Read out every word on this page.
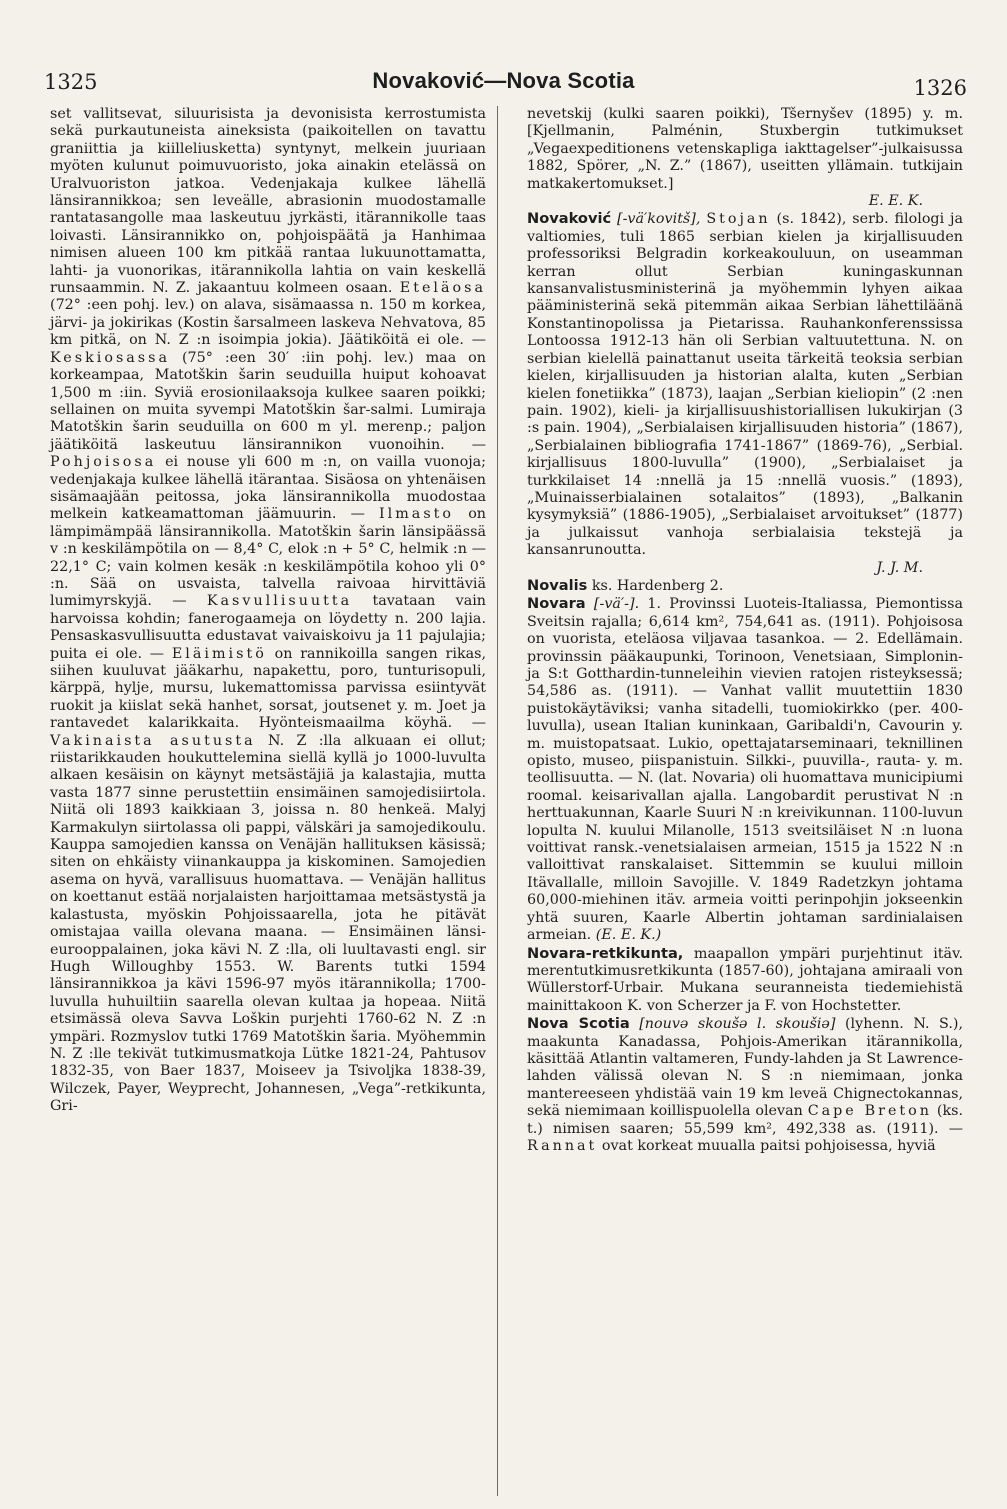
1325	Novaković—Nova Scotia	1326

set vallitsevat, siluurisista ja devonisista kerrostumista sekä purkautuneista aineksista (paikoitellen on tavattu graniittia ja kiilleliusketta) syntynyt, melkein juuriaan myöten kulunut poimuvuoristo, joka ainakin etelässä on Uralvuoriston jatkoa. Vedenjakaja kulkee lähellä länsirannikkoa; sen leveälle, abrasionin muodostamalle rantatasangolle maa laskeutuu jyrkästi, itärannikolle taas loivasti. Länsirannikko on, pohjoispäätä ja Hanhimaa nimisen alueen 100 km pitkää rantaa lukuunottamatta, lahti- ja vuonorikas, itärannikolla lahtia on vain keskellä runsaammin. N. Z. jakaantuu kolmeen osaan. Eteläosa (72° :een pohj. lev.) on alava, sisämaassa n. 150 m korkea, järvi- ja jokirikas (Kostin šarsalmeen laskeva Nehvatova, 85 km pitkä, on N. Z :n isoimpia jokia). Jäätiköitä ei ole. — Keskiosassa (75° :een 30′ :iin pohj. lev.) maa on korkeampaa, Matotškin šarin seuduilla huiput kohoavat 1,500 m :iin. Syviä erosionilaaksoja kulkee saaren poikki; sellainen on muita syvempi Matotškin šar-salmi. Lumiraja Matotškin šarin seuduilla on 600 m yl. merenp.; paljon jäätiköitä laskeutuu länsirannikon vuonoihin. — Pohjoisosa ei nouse yli 600 m :n, on vailla vuonoja; vedenjakaja kulkee lähellä itärantaa. Sisäosa on yhtenäisen sisämaajään peitossa, joka länsirannikolla muodostaa melkein katkeamattoman jäämuurin. — Ilmasto on lämpimämpää länsirannikolla. Matotškin šarin länsipäässä v :n keskilämpötila on — 8,4° C, elok :n + 5° C, helmik :n — 22,1° C; vain kolmen kesäk :n keskilämpötila kohoo yli 0° :n. Sää on usvaista, talvella raivoaa hirvittäviä lumimyrskyjä. — Kasvullisuutta tavataan vain harvoissa kohdin; fanerogaameja on löydetty n. 200 lajia. Pensaskasvullisuutta edustavat vaivaiskoivu ja 11 pajulajia; puita ei ole. — Eläimistö on rannikoilla sangen rikas, siihen kuuluvat jääkarhu, napakettu, poro, tunturisopuli, kärppä, hylje, mursu, lukemattomissa parvissa esiintyvät ruokit ja kiislat sekä hanhet, sorsat, joutsenet y. m. Joet ja rantavedet kalarikkaita. Hyönteismaailma köyhä. — Vakinaista asutusta N. Z :lla alkuaan ei ollut; riistarikkauden houkuttelemina siellä kyllä jo 1000-luvulta alkaen kesäisin on käynyt metsästäjiä ja kalastajia, mutta vasta 1877 sinne perustettiin ensimäinen samojedisiirtola. Niitä oli 1893 kaikkiaan 3, joissa n. 80 henkeä. Malyj Karmakulyn siirtolassa oli pappi, välskäri ja samojedikoulu. Kauppa samojedien kanssa on Venäjän hallituksen käsissä; siten on ehkäisty viinankauppa ja kiskominen. Samojedien asema on hyvä, varallisuus huomattava. — Venäjän hallitus on koettanut estää norjalaisten harjoittamaa metsästystä ja kalastusta, myöskin Pohjoissaarella, jota he pitävät omistajaa vailla olevana maana. — Ensimäinen länsi-eurooppalainen, joka kävi N. Z :lla, oli luultavasti engl. sir Hugh Willoughby 1553. W. Barents tutki 1594 länsirannikkoa ja kävi 1596-97 myös itärannikolla; 1700-luvulla huhuiltiin saarella olevan kultaa ja hopeaa. Niitä etsimässä oleva Savva Loškin purjehti 1760-62 N. Z :n ympäri. Rozmyslov tutki 1769 Matotškin šaria. Myöhemmin N. Z :lle tekivät tutkimusmatkoja Lütke 1821-24, Pahtusov 1832-35, von Baer 1837, Moiseev ja Tsivoljka 1838-39, Wilczek, Payer, Weyprecht, Johannesen, „Vega”-retkikunta, Gri-

nevetskij (kulki saaren poikki), Tšernyšev (1895) y. m. [Kjellmanin, Palménin, Stuxbergin tutkimukset „Vegaexpeditionens vetenskapliga iakttagelser”-julkaisussa 1882, Spörer, „N. Z.” (1867), useitten yllämain. tutkijain matkakertomukset.]

E. E. K.

Novaković [-vä′kovitš], Stojan (s. 1842), serb. filologi ja valtiomies, tuli 1865 serbian kielen ja kirjallisuuden professoriksi Belgradin korkeakouluun, on useamman kerran ollut Serbian kuningaskunnan kansanvalistusministerinä ja myöhemmin lyhyen aikaa pääministerinä sekä pitemmän aikaa Serbian lähettiläänä Konstantinopolissa ja Pietarissa. Rauhankonferenssissa Lontoossa 1912-13 hän oli Serbian valtuutettuna. N. on serbian kielellä painattanut useita tärkeitä teoksia serbian kielen, kirjallisuuden ja historian alalta, kuten „Serbian kielen fonetiikka” (1873), laajan „Serbian kieliopin” (2 :nen pain. 1902), kieli- ja kirjallisuushistoriallisen lukukirjan (3 :s pain. 1904), „Serbialaisen kirjallisuuden historia” (1867), „Serbialainen bibliografia 1741-1867” (1869-76), „Serbial. kirjallisuus 1800-luvulla” (1900), „Serbialaiset ja turkkilaiset 14 :nnellä ja 15 :nnellä vuosis.” (1893), „Muinaisserbialainen sotalaitos” (1893), „Balkanin kysymyksiä” (1886-1905), „Serbialaiset arvoitukset” (1877) ja julkaissut vanhoja serbialaisia tekstejä ja kansanrunoutta.

J. J. M.

Novalis ks. Hardenberg 2.

Novara [-vä′-]. 1. Provinssi Luoteis-Italiassa, Piemontissa Sveitsin rajalla; 6,614 km², 754,641 as. (1911). Pohjoisosa on vuorista, eteläosa viljavaa tasankoa. — 2. Edellämain. provinssin pääkaupunki, Torinoon, Venetsiaan, Simplonin- ja S:t Gotthardin-tunneleihin vievien ratojen risteyksessä; 54,586 as. (1911). — Vanhat vallit muutettiin 1830 puistokäytäviksi; vanha sitadelli, tuomiokirkko (per. 400-luvulla), usean Italian kuninkaan, Garibaldi'n, Cavourin y. m. muistopatsaat. Lukio, opettajatarseminaari, teknillinen opisto, museo, piispanistuin. Silkki-, puuvilla-, rauta- y. m. teollisuutta. — N. (lat. Novaria) oli huomattava municipiumi roomal. keisarivallan ajalla. Langobardit perustivat N :n herttuakunnan, Kaarle Suuri N :n kreivikunnan. 1100-luvun lopulta N. kuului Milanolle, 1513 sveitsiläiset N :n luona voittivat ransk.-venetsialaisen armeian, 1515 ja 1522 N :n valloittivat ranskalaiset. Sittemmin se kuului milloin Itävallalle, milloin Savojille. V. 1849 Radetzkyn johtama 60,000-miehinen itäv. armeia voitti perinpohjin jokseenkin yhtä suuren, Kaarle Albertin johtaman sardinialaisen armeian. (E. E. K.)

Novara-retkikunta, maapallon ympäri purjehtinut itäv. merentutkimusretkikunta (1857-60), johtajana amiraali von Wüllerstorf-Urbair. Mukana seuranneista tiedemiehistä mainittakoon K. von Scherzer ja F. von Hochstetter.

Nova Scotia [nouvə skoušə l. skoušiə] (lyhenn. N. S.), maakunta Kanadassa, Pohjois-Amerikan itärannikolla, käsittää Atlantin valtameren, Fundy-lahden ja St Lawrence-lahden välissä olevan N. S :n niemimaan, jonka mantereeseen yhdistää vain 19 km leveä Chignectokannas, sekä niemimaan koillispuolella olevan Cape Breton (ks. t.) nimisen saaren; 55,599 km², 492,338 as. (1911). — Rannat ovat korkeat muualla paitsi pohjoisessa, hyviä
